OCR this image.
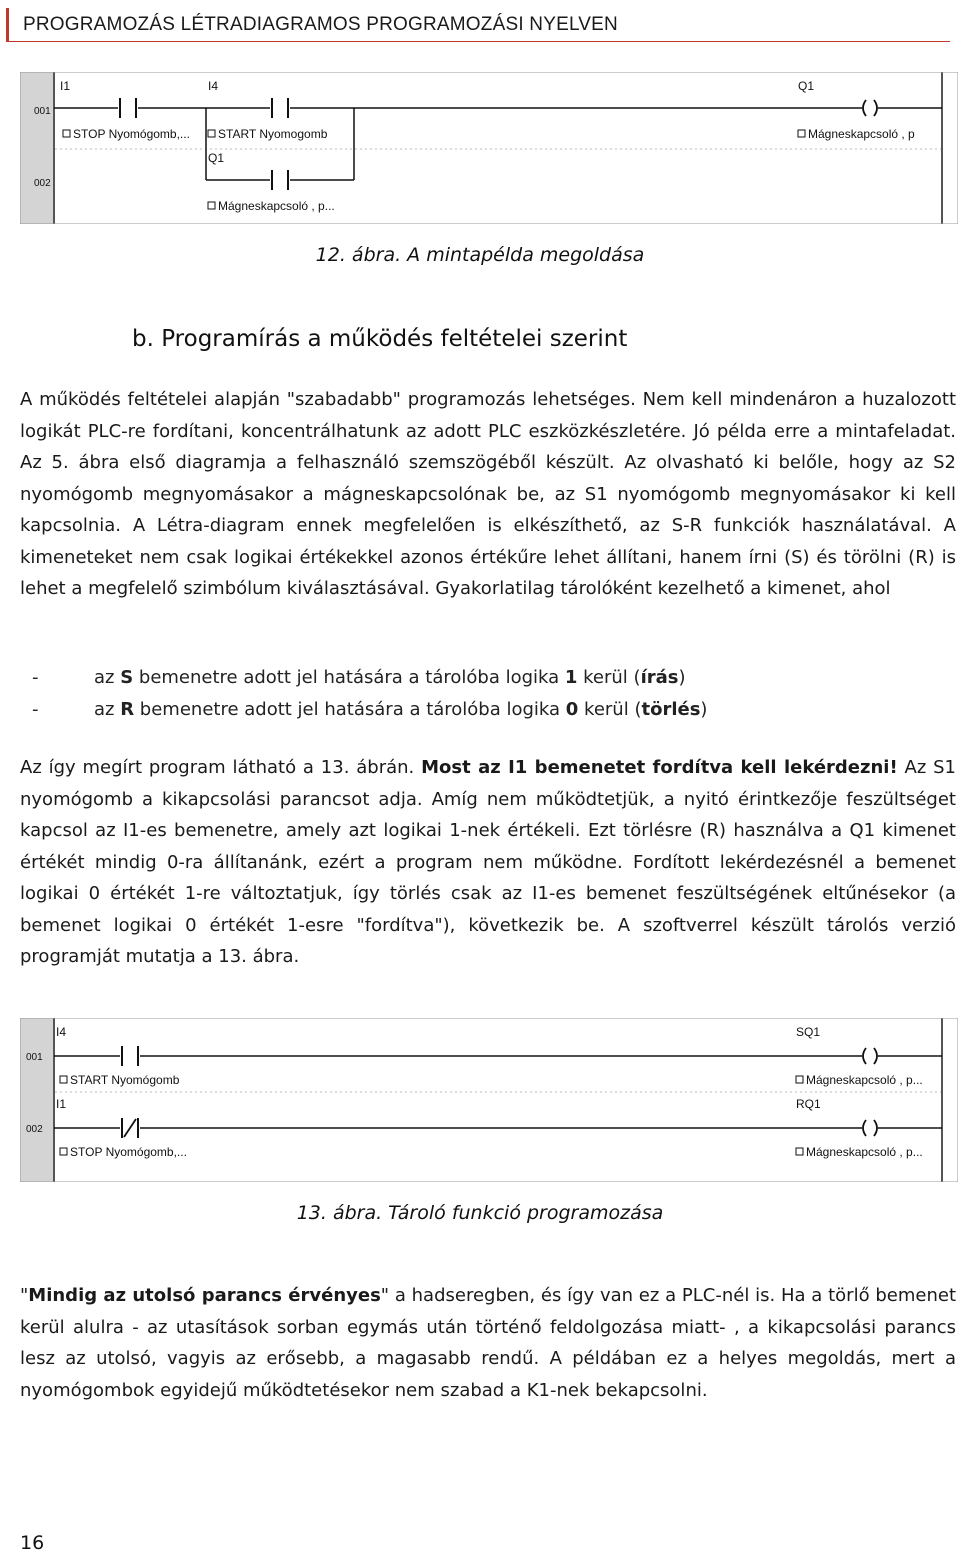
PROGRAMOZÁS LÉTRADIAGRAMOS PROGRAMOZÁSI NYELVEN
001
002
I1
STOP Nyomógomb,...
I4
START Nyomogomb
Q1
Mágneskapcsoló , p...
Q1
Mágneskapcsoló , p
12. ábra. A mintapélda megoldása
b. Programírás a működés feltételei szerint

A működés feltételei alapján "szabadabb" programozás lehetséges. Nem kell mindenáron a huzalozott logikát PLC-re fordítani, koncentrálhatunk az adott PLC eszközkészletére. Jó példa erre a mintafeladat. Az 5. ábra első diagramja a felhasználó szemszögéből készült. Az olvasható ki belőle, hogy az S2 nyomógomb megnyomásakor a mágneskapcsolónak be, az S1 nyomógomb megnyomásakor ki kell kapcsolnia. A Létra-diagram ennek megfelelően is elkészíthető, az S-R funkciók használatával. A kimeneteket nem csak logikai értékekkel azonos értékűre lehet állítani, hanem írni (S) és törölni (R) is lehet a megfelelő szimbólum kiválasztásával. Gyakorlatilag tárolóként kezelhető a kimenet, ahol

-	az S bemenetre adott jel hatására a tárolóba logika 1 kerül (írás)
-	az R bemenetre adott jel hatására a tárolóba logika 0 kerül (törlés)

Az így megírt program látható a 13. ábrán. Most az I1 bemenetet fordítva kell lekérdezni! Az S1 nyomógomb a kikapcsolási parancsot adja. Amíg nem működtetjük, a nyitó érintkezője feszültséget kapcsol az I1-es bemenetre, amely azt logikai 1-nek értékeli. Ezt törlésre (R) használva a Q1 kimenet értékét mindig 0-ra állítanánk, ezért a program nem működne. Fordított lekérdezésnél a bemenet logikai 0 értékét 1-re változtatjuk, így törlés csak az I1-es bemenet feszültségének eltűnésekor (a bemenet logikai 0 értékét 1-esre "fordítva"), következik be. A szoftverrel készült tárolós verzió programját mutatja a 13. ábra.

001
002
I4
START Nyomógomb
SQ1
Mágneskapcsoló , p...
I1
STOP Nyomógomb,...
RQ1
Mágneskapcsoló , p...
13. ábra. Tároló funkció programozása

"Mindig az utolsó parancs érvényes" a hadseregben, és így van ez a PLC-nél is. Ha a törlő bemenet kerül alulra - az utasítások sorban egymás után történő feldolgozása miatt- , a kikapcsolási parancs lesz az utolsó, vagyis az erősebb, a magasabb rendű. A példában ez a helyes megoldás, mert a nyomógombok egyidejű működtetésekor nem szabad a K1-nek bekapcsolni.

16
